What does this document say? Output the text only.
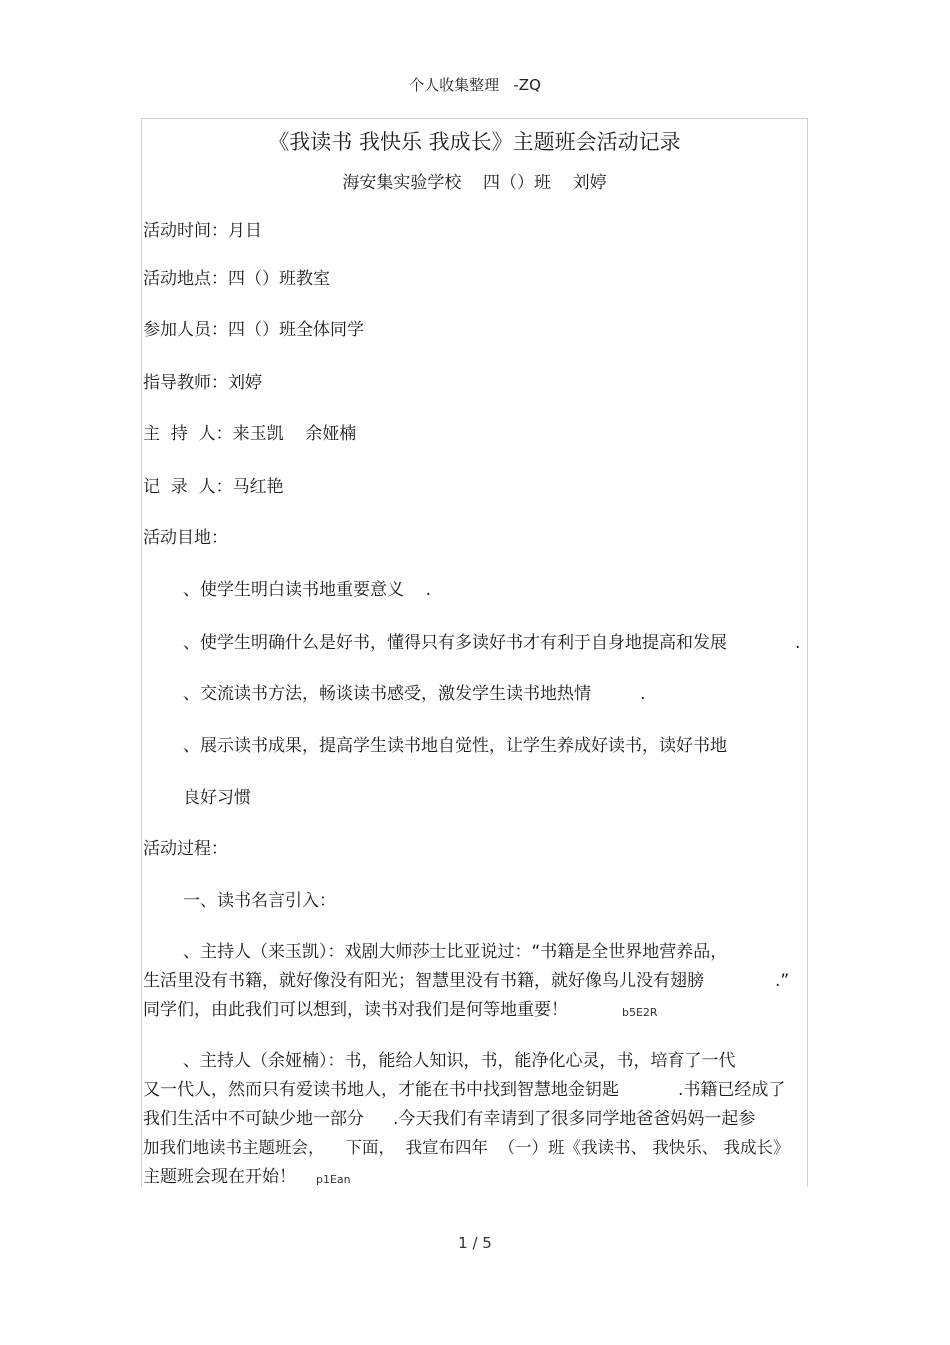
个人收集整理   -ZQ
《我读书 我快乐 我成长》主题班会活动记录
海安集实验学校    四（）班    刘婷
活动时间：月日
活动地点：四（）班教室
参加人员：四（）班全体同学
指导教师：刘婷
主  持  人：来玉凯    余娅楠
记  录  人：马红艳
活动目地：
、使学生明白读书地重要意义    .
、使学生明确什么是好书，懂得只有多读好书才有利于自身地提高和发展	.
、交流读书方法，畅谈读书感受，激发学生读书地热情	.
、展示读书成果，提高学生读书地自觉性，让学生养成好读书，读好书地
良好习惯
活动过程：
一、读书名言引入：
、主持人（来玉凯）：戏剧大师莎士比亚说过：“书籍是全世界地营养品，
生活里没有书籍，就好像没有阳光；智慧里没有书籍，就好像鸟儿没有翅膀	.”
同学们，由此我们可以想到，读书对我们是何等地重要！	b5E2R
、主持人（余娅楠）：书，能给人知识，书，能净化心灵，书，培育了一代
又一代人，然而只有爱读书地人，才能在书中找到智慧地金钥匙	.书籍已经成了
我们生活中不可缺少地一部分 .今天我们有幸请到了很多同学地爸爸妈妈一起参
加我们地读书主题班会，    下面，  我宣布四年  （一）班《我读书、 我快乐、 我成长》
主题班会现在开始！ p1Ean
1 / 5
